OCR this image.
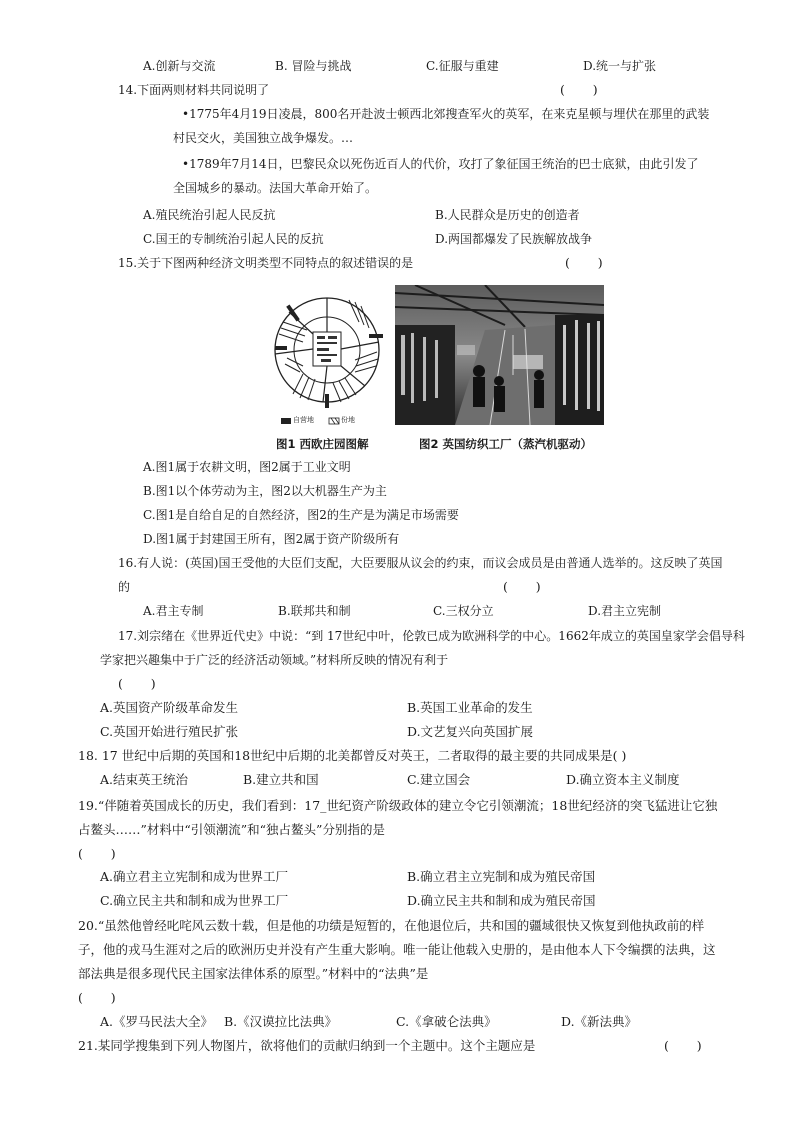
A.创新与交流	B. 冒险与挑战	C.征服与重建	D.统一与扩张
14.下面两则材料共同说明了	(       )
•1775年4月19日凌晨，800名开赴波士顿西北郊搜查军火的英军，在来克星顿与埋伏在那里的武装
村民交火，美国独立战争爆发。…
•1789年7月14日，巴黎民众以死伤近百人的代价，攻打了象征国王统治的巴士底狱，由此引发了
全国城乡的暴动。法国大革命开始了。
A.殖民统治引起人民反抗	B.人民群众是历史的创造者
C.国王的专制统治引起人民的反抗	D.两国都爆发了民族解放战争
15.关于下图两种经济文明类型不同特点的叙述错误的是	(       )
自营地	份地
图1 西欧庄园图解	图2 英国纺织工厂（蒸汽机驱动）
A.图1属于农耕文明，图2属于工业文明
B.图1以个体劳动为主，图2以大机器生产为主
C.图1是自给自足的自然经济，图2的生产是为满足市场需要
D.图1属于封建国王所有，图2属于资产阶级所有
16.有人说：(英国)国王受他的大臣们支配，大臣要服从议会的约束，而议会成员是由普通人选举的。这反映了英国
的	(       )
A.君主专制	B.联邦共和制	C.三权分立	D.君主立宪制
17.刘宗绪在《世界近代史》中说：“到 17世纪中叶，伦敦已成为欧洲科学的中心。1662年成立的英国皇家学会倡导科
学家把兴趣集中于广泛的经济活动领域。”材料所反映的情况有利于
(       )
A.英国资产阶级革命发生	B.英国工业革命的发生
C.英国开始进行殖民扩张	D.文艺复兴向英国扩展
18. 17 世纪中后期的英国和18世纪中后期的北美都曾反对英王，二者取得的最主要的共同成果是( )
A.结束英王统治	B.建立共和国	C.建立国会	D.确立资本主义制度
19.“伴随着英国成长的历史，我们看到：17_世纪资产阶级政体的建立令它引领潮流；18世纪经济的突飞猛进让它独
占鳌头……”材料中“引领潮流”和“独占鳌头”分别指的是
(       )
A.确立君主立宪制和成为世界工厂	B.确立君主立宪制和成为殖民帝国
C.确立民主共和制和成为世界工厂	D.确立民主共和制和成为殖民帝国
20.“虽然他曾经叱咤风云数十载，但是他的功绩是短暂的，在他退位后，共和国的疆域很快又恢复到他执政前的样
子，他的戎马生涯对之后的欧洲历史并没有产生重大影响。唯一能让他载入史册的，是由他本人下令编撰的法典，这
部法典是很多现代民主国家法律体系的原型。”材料中的“法典”是
(       )
A.《罗马民法大全》 B.《汉谟拉比法典》	C.《拿破仑法典》	D.《新法典》
21.某同学搜集到下列人物图片，欲将他们的贡献归纳到一个主题中。这个主题应是	(       )
